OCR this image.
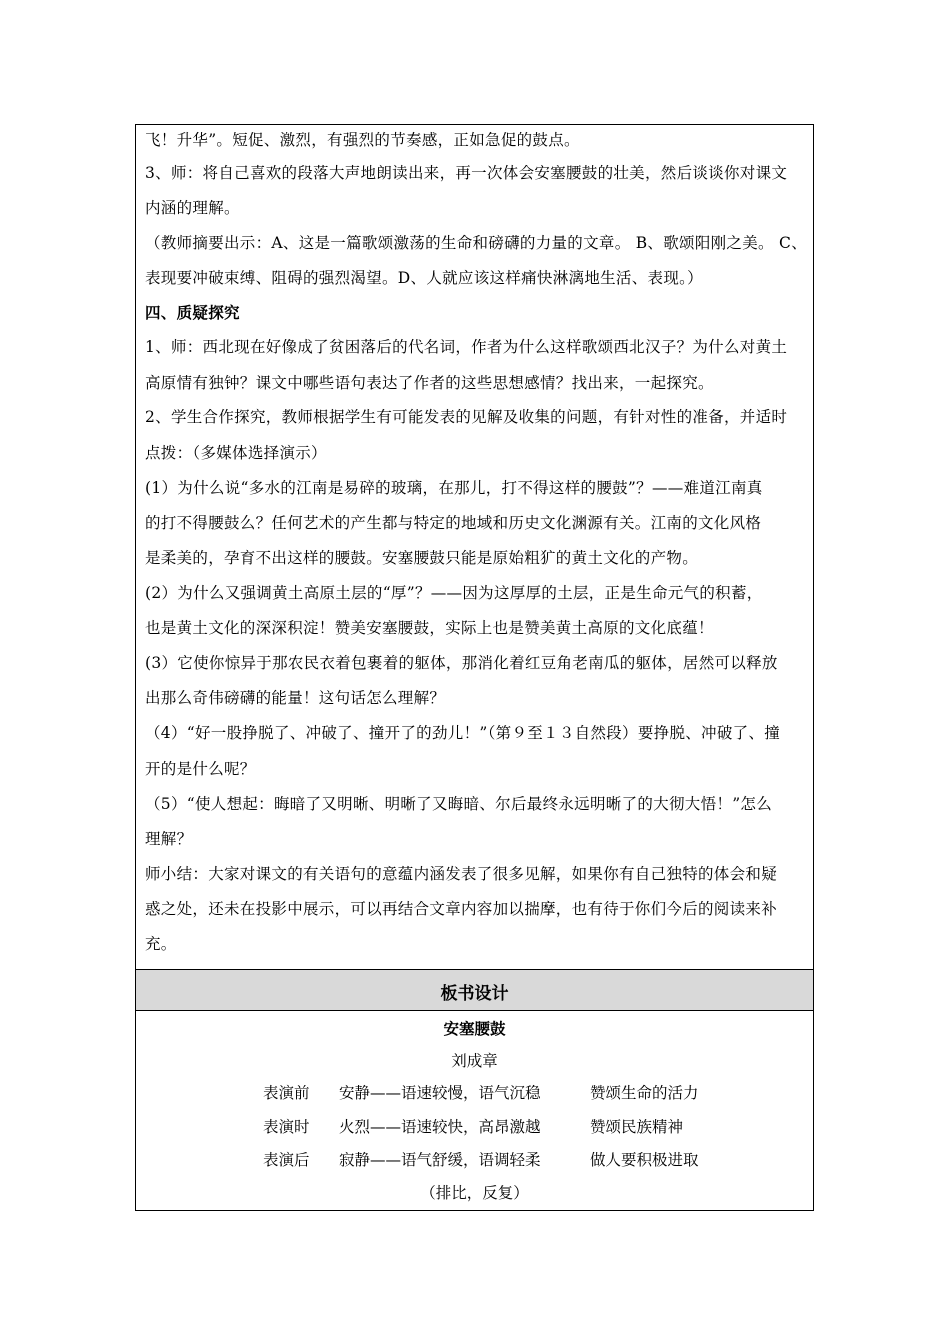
飞！升华”。短促、激烈，有强烈的节奏感，正如急促的鼓点。
3、师：将自己喜欢的段落大声地朗读出来，再一次体会安塞腰鼓的壮美，然后谈谈你对课文
内涵的理解。
（教师摘要出示：A、这是一篇歌颂激荡的生命和磅礴的力量的文章。 B、歌颂阳刚之美。 C、
表现要冲破束缚、阻碍的强烈渴望。D、人就应该这样痛快淋漓地生活、表现。）
四、质疑探究
1、师：西北现在好像成了贫困落后的代名词，作者为什么这样歌颂西北汉子？为什么对黄土
高原情有独钟？课文中哪些语句表达了作者的这些思想感情？找出来，一起探究。
2、学生合作探究，教师根据学生有可能发表的见解及收集的问题，有针对性的准备，并适时
点拨：（多媒体选择演示）
(1）为什么说“多水的江南是易碎的玻璃，在那儿，打不得这样的腰鼓”？——难道江南真
的打不得腰鼓么？任何艺术的产生都与特定的地域和历史文化渊源有关。江南的文化风格
是柔美的，孕育不出这样的腰鼓。安塞腰鼓只能是原始粗犷的黄土文化的产物。
(2）为什么又强调黄土高原土层的“厚”？——因为这厚厚的土层，正是生命元气的积蓄，
也是黄土文化的深深积淀！赞美安塞腰鼓，实际上也是赞美黄土高原的文化底蕴！
(3）它使你惊异于那农民衣着包裹着的躯体，那消化着红豆角老南瓜的躯体，居然可以释放
出那么奇伟磅礴的能量！这句话怎么理解？
（4）“好一股挣脱了、冲破了、撞开了的劲儿！”（第９至１３自然段）要挣脱、冲破了、撞
开的是什么呢？
（5）“使人想起：晦暗了又明晰、明晰了又晦暗、尔后最终永远明晰了的大彻大悟！”怎么
理解？
师小结：大家对课文的有关语句的意蕴内涵发表了很多见解，如果你有自己独特的体会和疑
惑之处，还未在投影中展示，可以再结合文章内容加以揣摩，也有待于你们今后的阅读来补
充。
板书设计
安塞腰鼓
刘成章
表演前 安静——语速较慢，语气沉稳	赞颂生命的活力
表演时 火烈——语速较快，高昂激越	赞颂民族精神
表演后 寂静——语气舒缓，语调轻柔	做人要积极进取
（排比，反复）
